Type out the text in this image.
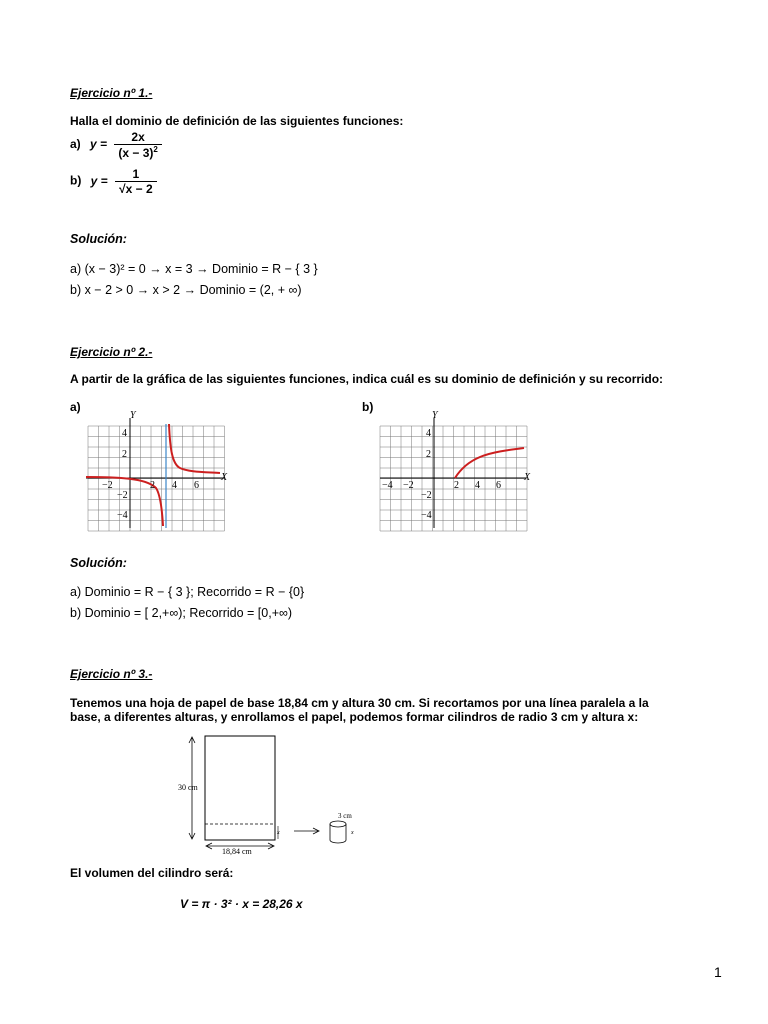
Ejercicio nº 1.-
Halla el dominio de definición de las siguientes funciones:
a) $y = \frac{2x}{(x - 3)^2}$
b) $y = \frac{1}{√x - 2}$
Solución:
a) (x − 3)² = 0 → x = 3 → Dominio = R − { 3 }
b) x − 2 > 0 → x > 2 → Dominio = (2, + ∞)
Ejercicio nº 2.-
A partir de la gráfica de las siguientes funciones, indica cuál es su dominio de definición y su recorrido:
a)	b)
Y
X
−2	2 4 6
4
2
−2
−4
Y
X
−4 −2	2 4 6
4
2
−2
−4
Solución:
a) Dominio = R − { 3 }; Recorrido = R − {0}
b) Dominio = [ 2,+∞); Recorrido = [0,+∞)
Ejercicio nº 3.-
Tenemos una hoja de papel de base 18,84 cm y altura 30 cm. Si recortamos por una línea paralela a la
base, a diferentes alturas, y enrollamos el papel, podemos formar cilindros de radio 3 cm y altura x:
30 cm
18,84 cm
x
3 cm
x
El volumen del cilindro será:
V = π · 3² · x = 28,26 x
1
